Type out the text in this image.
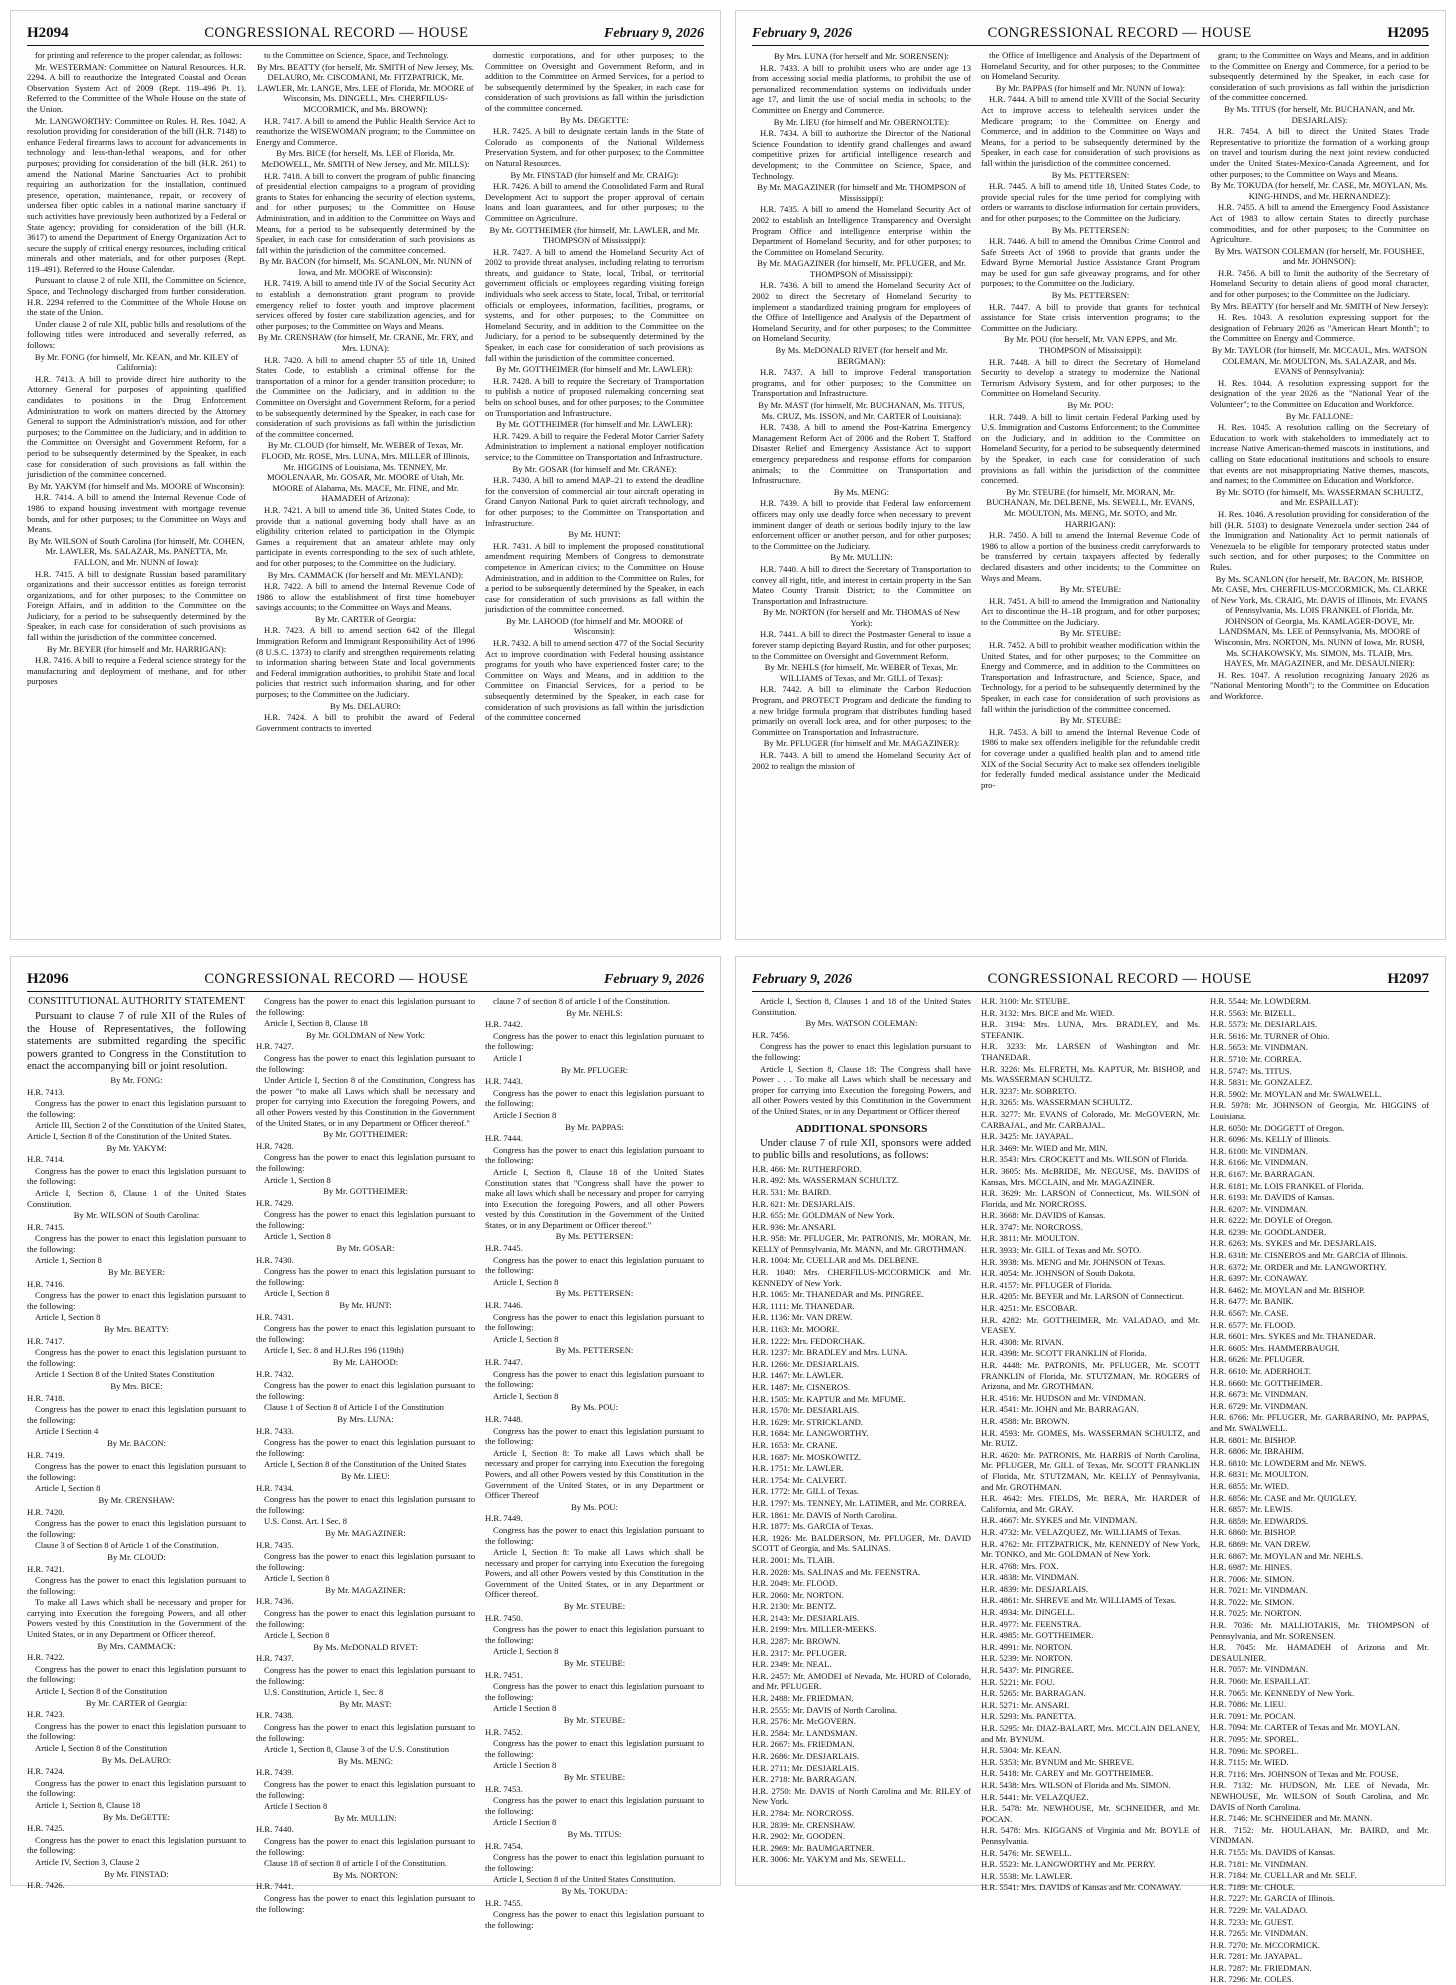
H2094	CONGRESSIONAL RECORD — HOUSE	February 9, 2026

for printing and reference to the proper calendar, as follows:

Mr. WESTERMAN: Committee on Natural Resources. H.R. 2294. A bill to reauthorize the Integrated Coastal and Ocean Observation System Act of 2009 (Rept. 119–496 Pt. 1). Referred to the Committee of the Whole House on the state of the Union.

Mr. LANGWORTHY: Committee on Rules. H. Res. 1042. A resolution providing for consideration of the bill (H.R. 7148) to enhance Federal firearms laws to account for advancements in technology and less-than-lethal weapons, and for other purposes; providing for consideration of the bill (H.R. 261) to amend the National Marine Sanctuaries Act to prohibit requiring an authorization for the installation, continued presence, operation, maintenance, repair, or recovery of undersea fiber optic cables in a national marine sanctuary if such activities have previously been authorized by a Federal or State agency; providing for consideration of the bill (H.R. 3617) to amend the Department of Energy Organization Act to secure the supply of critical energy resources, including critical minerals and other materials, and for other purposes (Rept. 119–491). Referred to the House Calendar.

Pursuant to clause 2 of rule XIII, the Committee on Science, Space, and Technology discharged from further consideration. H.R. 2294 referred to the Committee of the Whole House on the state of the Union.

Under clause 2 of rule XII, public bills and resolutions of the following titles were introduced and severally referred, as follows:

By Mr. FONG (for himself, Mr. KEAN, and Mr. KILEY of California):

H.R. 7413. A bill to provide direct hire authority to the Attorney General for purposes of appointing qualified candidates to positions in the Drug Enforcement Administration to work on matters directed by the Attorney General to support the Administration's mission, and for other purposes; to the Committee on the Judiciary, and in addition to the Committee on Oversight and Government Reform, for a period to be subsequently determined by the Speaker, in each case for consideration of such provisions as fall within the jurisdiction of the committee concerned.

By Mr. YAKYM (for himself and Ms. MOORE of Wisconsin):

H.R. 7414. A bill to amend the Internal Revenue Code of 1986 to expand housing investment with mortgage revenue bonds, and for other purposes; to the Committee on Ways and Means.

By Mr. WILSON of South Carolina (for himself, Mr. COHEN, Mr. LAWLER, Ms. SALAZAR, Ms. PANETTA, Mr. FALLON, and Mr. NUNN of Iowa):

H.R. 7415. A bill to designate Russian based paramilitary organizations and their successor entities as foreign terrorist organizations, and for other purposes; to the Committee on Foreign Affairs, and in addition to the Committee on the Judiciary, for a period to be subsequently determined by the Speaker, in each case for consideration of such provisions as fall within the jurisdiction of the committee concerned.

By Mr. BEYER (for himself and Mr. HARRIGAN):

H.R. 7416. A bill to require a Federal science strategy for the manufacturing and deployment of methane, and for other purposes

to the Committee on Science, Space, and Technology.

By Mrs. BEATTY (for herself, Mr. SMITH of New Jersey, Ms. DELAURO, Mr. CISCOMANI, Mr. FITZPATRICK, Mr. LAWLER, Mr. LANGE, Mrs. LEE of Florida, Mr. MOORE of Wisconsin, Ms. DINGELL, Mrs. CHERFILUS-MCCORMICK, and Ms. BROWN):

H.R. 7417. A bill to amend the Public Health Service Act to reauthorize the WISEWOMAN program; to the Committee on Energy and Commerce.

By Mrs. BICE (for herself, Ms. LEE of Florida, Mr. McDOWELL, Mr. SMITH of New Jersey, and Mr. MILLS):

H.R. 7418. A bill to convert the program of public financing of presidential election campaigns to a program of providing grants to States for enhancing the security of election systems, and for other purposes; to the Committee on House Administration, and in addition to the Committee on Ways and Means, for a period to be subsequently determined by the Speaker, in each case for consideration of such provisions as fall within the jurisdiction of the committee concerned.

By Mr. BACON (for himself, Ms. SCANLON, Mr. NUNN of Iowa, and Mr. MOORE of Wisconsin):

H.R. 7419. A bill to amend title IV of the Social Security Act to establish a demonstration grant program to provide emergency relief to foster youth and improve placement services offered by foster care stabilization agencies, and for other purposes; to the Committee on Ways and Means.

By Mr. CRENSHAW (for himself, Mr. CRANE, Mr. FRY, and Mrs. LUNA):

H.R. 7420. A bill to amend chapter 55 of title 18, United States Code, to establish a criminal offense for the transportation of a minor for a gender transition procedure; to the Committee on the Judiciary, and in addition to the Committee on Oversight and Government Reform, for a period to be subsequently determined by the Speaker, in each case for consideration of such provisions as fall within the jurisdiction of the committee concerned.

By Mr. CLOUD (for himself, Mr. WEBER of Texas, Mr. FLOOD, Mr. ROSE, Mrs. LUNA, Mrs. MILLER of Illinois, Mr. HIGGINS of Louisiana, Ms. TENNEY, Mr. MOOLENAAR, Mr. GOSAR, Mr. MOORE of Utah, Mr. MOORE of Alabama, Ms. MACE, Mr. FINE, and Mr. HAMADEH of Arizona):

H.R. 7421. A bill to amend title 36, United States Code, to provide that a national governing body shall have as an eligibility criterion related to participation in the Olympic Games a requirement that an amateur athlete may only participate in events corresponding to the sex of such athlete, and for other purposes; to the Committee on the Judiciary.

By Mrs. CAMMACK (for herself and Mr. MEYLAND):

H.R. 7422. A bill to amend the Internal Revenue Code of 1986 to allow the establishment of first time homebuyer savings accounts; to the Committee on Ways and Means.

By Mr. CARTER of Georgia:

H.R. 7423. A bill to amend section 642 of the Illegal Immigration Reform and Immigrant Responsibility Act of 1996 (8 U.S.C. 1373) to clarify and strengthen requirements relating to information sharing between State and local governments and Federal immigration authorities, to prohibit State and local policies that restrict such information sharing, and for other purposes; to the Committee on the Judiciary.

By Ms. DELAURO:

H.R. 7424. A bill to prohibit the award of Federal Government contracts to inverted

domestic corporations, and for other purposes; to the Committee on Oversight and Government Reform, and in addition to the Committee on Armed Services, for a period to be subsequently determined by the Speaker, in each case for consideration of such provisions as fall within the jurisdiction of the committee concerned.

By Ms. DEGETTE:

H.R. 7425. A bill to designate certain lands in the State of Colorado as components of the National Wilderness Preservation System, and for other purposes; to the Committee on Natural Resources.

By Mr. FINSTAD (for himself and Mr. CRAIG):

H.R. 7426. A bill to amend the Consolidated Farm and Rural Development Act to support the proper approval of certain loans and loan guarantees, and for other purposes; to the Committee on Agriculture.

By Mr. GOTTHEIMER (for himself, Mr. LAWLER, and Mr. THOMPSON of Mississippi):

H.R. 7427. A bill to amend the Homeland Security Act of 2002 to provide threat analyses, including relating to terrorism threats, and guidance to State, local, Tribal, or territorial government officials or employees regarding visiting foreign individuals who seek access to State, local, Tribal, or territorial officials or employees, information, facilities, programs, or systems, and for other purposes; to the Committee on Homeland Security, and in addition to the Committee on the Judiciary, for a period to be subsequently determined by the Speaker, in each case for consideration of such provisions as fall within the jurisdiction of the committee concerned.

By Mr. GOTTHEIMER (for himself and Mr. LAWLER):

H.R. 7428. A bill to require the Secretary of Transportation to publish a notice of proposed rulemaking concerning seat belts on school buses, and for other purposes; to the Committee on Transportation and Infrastructure.

By Mr. GOTTHEIMER (for himself and Mr. LAWLER):

H.R. 7429. A bill to require the Federal Motor Carrier Safety Administration to implement a national employer notification service; to the Committee on Transportation and Infrastructure.

By Mr. GOSAR (for himself and Mr. CRANE):

H.R. 7430. A bill to amend MAP–21 to extend the deadline for the conversion of commercial air tour aircraft operating in Grand Canyon National Park to quiet aircraft technology, and for other purposes; to the Committee on Transportation and Infrastructure.

By Mr. HUNT:

H.R. 7431. A bill to implement the proposed constitutional amendment requiring Members of Congress to demonstrate competence in American civics; to the Committee on House Administration, and in addition to the Committee on Rules, for a period to be subsequently determined by the Speaker, in each case for consideration of such provisions as fall within the jurisdiction of the committee concerned.

By Mr. LAHOOD (for himself and Mr. MOORE of Wisconsin):

H.R. 7432. A bill to amend section 477 of the Social Security Act to improve coordination with Federal housing assistance programs for youth who have experienced foster care; to the Committee on Ways and Means, and in addition to the Committee on Financial Services, for a period to be subsequently determined by the Speaker, in each case for consideration of such provisions as fall within the jurisdiction of the committee concerned

February 9, 2026	CONGRESSIONAL RECORD — HOUSE	H2095

By Mrs. LUNA (for herself and Mr. SORENSEN):

H.R. 7433. A bill to prohibit users who are under age 13 from accessing social media platforms, to prohibit the use of personalized recommendation systems on individuals under age 17, and limit the use of social media in schools; to the Committee on Energy and Commerce.

By Mr. LIEU (for himself and Mr. OBERNOLTE):

H.R. 7434. A bill to authorize the Director of the National Science Foundation to identify grand challenges and award competitive prizes for artificial intelligence research and development; to the Committee on Science, Space, and Technology.

By Mr. MAGAZINER (for himself and Mr. THOMPSON of Mississippi):

H.R. 7435. A bill to amend the Homeland Security Act of 2002 to establish an Intelligence Transparency and Oversight Program Office and intelligence enterprise within the Department of Homeland Security, and for other purposes; to the Committee on Homeland Security.

By Mr. MAGAZINER (for himself, Mr. PFLUGER, and Mr. THOMPSON of Mississippi):

H.R. 7436. A bill to amend the Homeland Security Act of 2002 to direct the Secretary of Homeland Security to implement a standardized training program for employees of the Office of Intelligence and Analysis of the Department of Homeland Security, and for other purposes; to the Committee on Homeland Security.

By Ms. McDONALD RIVET (for herself and Mr. BERGMAN):

H.R. 7437. A bill to improve Federal transportation programs, and for other purposes; to the Committee on Transportation and Infrastructure.

By Mr. MAST (for himself, Mr. BUCHANAN, Ms. TITUS, Ms. CRUZ, Ms. ISSON, and Mr. CARTER of Louisiana):

H.R. 7438. A bill to amend the Post-Katrina Emergency Management Reform Act of 2006 and the Robert T. Stafford Disaster Relief and Emergency Assistance Act to support emergency preparedness and response efforts for companion animals; to the Committee on Transportation and Infrastructure.

By Ms. MENG:

H.R. 7439. A bill to provide that Federal law enforcement officers may only use deadly force when necessary to prevent imminent danger of death or serious bodily injury to the law enforcement officer or another person, and for other purposes; to the Committee on the Judiciary.

By Mr. MULLIN:

H.R. 7440. A bill to direct the Secretary of Transportation to convey all right, title, and interest in certain property in the San Mateo County Transit District; to the Committee on Transportation and Infrastructure.

By Mr. NORTON (for herself and Mr. THOMAS of New York):

H.R. 7441. A bill to direct the Postmaster General to issue a forever stamp depicting Bayard Rustin, and for other purposes; to the Committee on Oversight and Government Reform.

By Mr. NEHLS (for himself, Mr. WEBER of Texas, Mr. WILLIAMS of Texas, and Mr. GILL of Texas):

H.R. 7442. A bill to eliminate the Carbon Reduction Program, and PROTECT Program and dedicate the funding to a new bridge formula program that distributes funding based primarily on overall lock area, and for other purposes; to the Committee on Transportation and Infrastructure.

By Mr. PFLUGER (for himself and Mr. MAGAZINER):

H.R. 7443. A bill to amend the Homeland Security Act of 2002 to realign the mission of

the Office of Intelligence and Analysis of the Department of Homeland Security, and for other purposes; to the Committee on Homeland Security.

By Mr. PAPPAS (for himself and Mr. NUNN of Iowa):

H.R. 7444. A bill to amend title XVIII of the Social Security Act to improve access to telehealth services under the Medicare program; to the Committee on Energy and Commerce, and in addition to the Committee on Ways and Means, for a period to be subsequently determined by the Speaker, in each case for consideration of such provisions as fall within the jurisdiction of the committee concerned.

By Ms. PETTERSEN:

H.R. 7445. A bill to amend title 18, United States Code, to provide special rules for the time period for complying with orders or warrants to disclose information for certain providers, and for other purposes; to the Committee on the Judiciary.

By Ms. PETTERSEN:

H.R. 7446. A bill to amend the Omnibus Crime Control and Safe Streets Act of 1968 to provide that grants under the Edward Byrne Memorial Justice Assistance Grant Program may be used for gun safe giveaway programs, and for other purposes; to the Committee on the Judiciary.

By Ms. PETTERSEN:

H.R. 7447. A bill to provide that grants for technical assistance for State crisis intervention programs; to the Committee on the Judiciary.

By Mr. POU (for herself, Mr. VAN EPPS, and Mr. THOMPSON of Mississippi):

H.R. 7448. A bill to direct the Secretary of Homeland Security to develop a strategy to modernize the National Terrorism Advisory System, and for other purposes; to the Committee on Homeland Security.

By Mr. POU:

H.R. 7449. A bill to limit certain Federal Parking used by U.S. Immigration and Customs Enforcement; to the Committee on the Judiciary, and in addition to the Committee on Homeland Security, for a period to be subsequently determined by the Speaker, in each case for consideration of such provisions as fall within the jurisdiction of the committee concerned.

By Mr. STEUBE (for himself, Mr. MORAN, Mr. BUCHANAN, Mr. DELBENE, Ms. SEWELL, Mr. EVANS, Mr. MOULTON, Ms. MENG, Mr. SOTO, and Mr. HARRIGAN):

H.R. 7450. A bill to amend the Internal Revenue Code of 1986 to allow a portion of the business credit carryforwards to be transferred by certain taxpayers affected by federally declared disasters and other incidents; to the Committee on Ways and Means.

By Mr. STEUBE:

H.R. 7451. A bill to amend the Immigration and Nationality Act to discontinue the H–1B program, and for other purposes; to the Committee on the Judiciary.

By Mr. STEUBE:

H.R. 7452. A bill to prohibit weather modification within the United States, and for other purposes; to the Committee on Energy and Commerce, and in addition to the Committees on Transportation and Infrastructure, and Science, Space, and Technology, for a period to be subsequently determined by the Speaker, in each case for consideration of such provisions as fall within the jurisdiction of the committee concerned.

By Mr. STEUBE:

H.R. 7453. A bill to amend the Internal Revenue Code of 1986 to make sex offenders ineligible for the refundable credit for coverage under a qualified health plan and to amend title XIX of the Social Security Act to make sex offenders ineligible for federally funded medical assistance under the Medicaid pro-

gram; to the Committee on Ways and Means, and in addition to the Committee on Energy and Commerce, for a period to be subsequently determined by the Speaker, in each case for consideration of such provisions as fall within the jurisdiction of the committee concerned.

By Ms. TITUS (for herself, Mr. BUCHANAN, and Mr. DESJARLAIS):

H.R. 7454. A bill to direct the United States Trade Representative to prioritize the formation of a working group on travel and tourism during the next joint review conducted under the United States-Mexico-Canada Agreement, and for other purposes; to the Committee on Ways and Means.

By Mr. TOKUDA (for herself, Mr. CASE, Mr. MOYLAN, Ms. KING-HINDS, and Mr. HERNANDEZ):

H.R. 7455. A bill to amend the Emergency Food Assistance Act of 1983 to allow certain States to directly purchase commodities, and for other purposes; to the Committee on Agriculture.

By Mrs. WATSON COLEMAN (for herself, Mr. FOUSHEE, and Mr. JOHNSON):

H.R. 7456. A bill to limit the authority of the Secretary of Homeland Security to detain aliens of good moral character, and for other purposes; to the Committee on the Judiciary.

By Mrs. BEATTY (for herself and Mr. SMITH of New Jersey):

H. Res. 1043. A resolution expressing support for the designation of February 2026 as "American Heart Month"; to the Committee on Energy and Commerce.

By Mr. TAYLOR (for himself, Mr. MCCAUL, Mrs. WATSON COLEMAN, Mr. MOULTON, Ms. SALAZAR, and Ms. EVANS of Pennsylvania):

H. Res. 1044. A resolution expressing support for the designation of the year 2026 as the "National Year of the Volunteer"; to the Committee on Education and Workforce.

By Mr. FALLONE:

H. Res. 1045. A resolution calling on the Secretary of Education to work with stakeholders to immediately act to increase Native American-themed mascots in institutions, and calling on State educational institutions and schools to ensure that events are not misappropriating Native themes, mascots, and names; to the Committee on Education and Workforce.

By Mr. SOTO (for himself, Ms. WASSERMAN SCHULTZ, and Mr. ESPAILLAT):

H. Res. 1046. A resolution providing for consideration of the bill (H.R. 5103) to designate Venezuela under section 244 of the Immigration and Nationality Act to permit nationals of Venezuela to be eligible for temporary protected status under such section, and for other purposes; to the Committee on Rules.

By Ms. SCANLON (for herself, Mr. BACON, Mr. BISHOP, Mr. CASE, Mrs. CHERFILUS-MCCORMICK, Ms. CLARKE of New York, Ms. CRAIG, Mr. DAVIS of Illinois, Mr. EVANS of Pennsylvania, Ms. LOIS FRANKEL of Florida, Mr. JOHNSON of Georgia, Ms. KAMLAGER-DOVE, Mr. LANDSMAN, Ms. LEE of Pennsylvania, Ms. MOORE of Wisconsin, Mrs. NORTON, Ms. NUNN of Iowa, Mr. RUSH, Ms. SCHAKOWSKY, Ms. SIMON, Ms. TLAIB, Mrs. HAYES, Mr. MAGAZINER, and Mr. DESAULNIER):

H. Res. 1047. A resolution recognizing January 2026 as "National Mentoring Month"; to the Committee on Education and Workforce.

H2096	CONGRESSIONAL RECORD — HOUSE	February 9, 2026

CONSTITUTIONAL AUTHORITY STATEMENT

Pursuant to clause 7 of rule XII of the Rules of the House of Representatives, the following statements are submitted regarding the specific powers granted to Congress in the Constitution to enact the accompanying bill or joint resolution.

By Mr. FONG:

H.R. 7413.

Congress has the power to enact this legislation pursuant to the following:

Article III, Section 2 of the Constitution of the United States, Article I, Section 8 of the Constitution of the United States.

By Mr. YAKYM:

H.R. 7414.

Congress has the power to enact this legislation pursuant to the following:

Article I, Section 8, Clause 1 of the United States Constitution.

By Mr. WILSON of South Carolina:

H.R. 7415.

Congress has the power to enact this legislation pursuant to the following:

Article 1, Section 8

By Mr. BEYER:

H.R. 7416.

Congress has the power to enact this legislation pursuant to the following:

Article I, Section 8

By Mrs. BEATTY:

H.R. 7417.

Congress has the power to enact this legislation pursuant to the following:

Article 1 Section 8 of the United States Constitution

By Mrs. BICE:

H.R. 7418.

Congress has the power to enact this legislation pursuant to the following:

Article I Section 4

By Mr. BACON:

H.R. 7419.

Congress has the power to enact this legislation pursuant to the following:

Article I, Section 8

By Mr. CRENSHAW:

H.R. 7420.

Congress has the power to enact this legislation pursuant to the following:

Clause 3 of Section 8 of Article 1 of the Constitution.

By Mr. CLOUD:

H.R. 7421.

Congress has the power to enact this legislation pursuant to the following:

To make all Laws which shall be necessary and proper for carrying into Execution the foregoing Powers, and all other Powers vested by this Constitution in the Government of the United States, or in any Department or Officer thereof.

By Mrs. CAMMACK:

H.R. 7422.

Congress has the power to enact this legislation pursuant to the following:

Article I, Section 8 of the Constitution

By Mr. CARTER of Georgia:

H.R. 7423.

Congress has the power to enact this legislation pursuant to the following:

Article I, Section 8 of the Constitution

By Ms. DeLAURO:

H.R. 7424.

Congress has the power to enact this legislation pursuant to the following:

Article 1, Section 8, Clause 18

By Ms. DeGETTE:

H.R. 7425.

Congress has the power to enact this legislation pursuant to the following:

Article IV, Section 3, Clause 2

By Mr. FINSTAD:

H.R. 7426.

Congress has the power to enact this legislation pursuant to the following:

Article I, Section 8, Clause 18

By Mr. GOLDMAN of New York:

H.R. 7427.

Congress has the power to enact this legislation pursuant to the following:

Under Article I, Section 8 of the Constitution, Congress has the power "to make all Laws which shall be necessary and proper for carrying into Execution the foregoing Powers, and all other Powers vested by this Constitution in the Government of the United States, or in any Department or Officer thereof."

By Mr. GOTTHEIMER:

H.R. 7428.

Congress has the power to enact this legislation pursuant to the following:

Article 1, Section 8

By Mr. GOTTHEIMER:

H.R. 7429.

Congress has the power to enact this legislation pursuant to the following:

Article 1, Section 8

By Mr. GOSAR:

H.R. 7430.

Congress has the power to enact this legislation pursuant to the following:

Article I, Section 8

By Mr. HUNT:

H.R. 7431.

Congress has the power to enact this legislation pursuant to the following:

Article I, Sec. 8 and H.J.Res 196 (119th)

By Mr. LAHOOD:

H.R. 7432.

Congress has the power to enact this legislation pursuant to the following:

Clause 1 of Section 8 of Article I of the Constitution

By Mrs. LUNA:

H.R. 7433.

Congress has the power to enact this legislation pursuant to the following:

Article I, Section 8 of the Constitution of the United States

By Mr. LIEU:

H.R. 7434.

Congress has the power to enact this legislation pursuant to the following:

U.S. Const. Art. I Sec. 8

By Mr. MAGAZINER:

H.R. 7435.

Congress has the power to enact this legislation pursuant to the following:

Article I, Section 8

By Mr. MAGAZINER:

H.R. 7436.

Congress has the power to enact this legislation pursuant to the following:

Article I, Section 8

By Ms. McDONALD RIVET:

H.R. 7437.

Congress has the power to enact this legislation pursuant to the following:

U.S. Constitution, Article 1, Sec. 8

By Mr. MAST:

H.R. 7438.

Congress has the power to enact this legislation pursuant to the following:

Article 1, Section 8, Clause 3 of the U.S. Constitution

By Ms. MENG:

H.R. 7439.

Congress has the power to enact this legislation pursuant to the following:

Article I Section 8

By Mr. MULLIN:

H.R. 7440.

Congress has the power to enact this legislation pursuant to the following:

Clause 18 of section 8 of article I of the Constitution.

By Ms. NORTON:

H.R. 7441.

Congress has the power to enact this legislation pursuant to the following:

clause 7 of section 8 of article I of the Constitution.

By Mr. NEHLS:

H.R. 7442.

Congress has the power to enact this legislation pursuant to the following:

Article I

By Mr. PFLUGER:

H.R. 7443.

Congress has the power to enact this legislation pursuant to the following:

Article I Section 8

By Mr. PAPPAS:

H.R. 7444.

Congress has the power to enact this legislation pursuant to the following:

Article I, Section 8, Clause 18 of the United States Constitution states that "Congress shall have the power to make all laws which shall be necessary and proper for carrying into Execution the foregoing Powers, and all other Powers vested by this Constitution in the Government of the United States, or in any Department or Officer thereof."

By Ms. PETTERSEN:

H.R. 7445.

Congress has the power to enact this legislation pursuant to the following:

Article I, Section 8

By Ms. PETTERSEN:

H.R. 7446.

Congress has the power to enact this legislation pursuant to the following:

Article I, Section 8

By Ms. PETTERSEN:

H.R. 7447.

Congress has the power to enact this legislation pursuant to the following:

Article I, Section 8

By Ms. POU:

H.R. 7448.

Congress has the power to enact this legislation pursuant to the following:

Article I, Section 8: To make all Laws which shall be necessary and proper for carrying into Execution the foregoing Powers, and all other Powers vested by this Constitution in the Government of the United States, or in any Department or Officer Thereof

By Ms. POU:

H.R. 7449.

Congress has the power to enact this legislation pursuant to the following:

Article I, Section 8: To make all Laws which shall be necessary and proper for carrying into Execution the foregoing Powers, and all other Powers vested by this Constitution in the Government of the United States, or in any Department or Officer thereof.

By Mr. STEUBE:

H.R. 7450.

Congress has the power to enact this legislation pursuant to the following:

Article I, Section 8

By Mr. STEUBE:

H.R. 7451.

Congress has the power to enact this legislation pursuant to the following:

Article I Section 8

By Mr. STEUBE:

H.R. 7452.

Congress has the power to enact this legislation pursuant to the following:

Article I Section 8

By Mr. STEUBE:

H.R. 7453.

Congress has the power to enact this legislation pursuant to the following:

Article I Section 8

By Ms. TITUS:

H.R. 7454.

Congress has the power to enact this legislation pursuant to the following:

Article I, Section 8 of the United States Constitution.

By Ms. TOKUDA:

H.R. 7455.

Congress has the power to enact this legislation pursuant to the following:

February 9, 2026	CONGRESSIONAL RECORD — HOUSE	H2097

Article I, Section 8, Clauses 1 and 18 of the United States Constitution.

By Mrs. WATSON COLEMAN:

H.R. 7456.

Congress has the power to enact this legislation pursuant to the following:

Article I, Section 8, Clause 18: The Congress shall have Power . . . To make all Laws which shall be necessary and proper for carrying into Execution the foregoing Powers, and all other Powers vested by this Constitution in the Government of the United States, or in any Department or Officer thereof

ADDITIONAL SPONSORS

Under clause 7 of rule XII, sponsors were added to public bills and resolutions, as follows:

H.R. 466: Mr. RUTHERFORD.

H.R. 492: Ms. WASSERMAN SCHULTZ.

H.R. 531: Mr. BAIRD.

H.R. 621: Mr. DESJARLAIS.

H.R. 655: Mr. GOLDMAN of New York.

H.R. 936: Mr. ANSARI.

H.R. 958: Mr. PFLUGER, Mr. PATRONIS, Mr. MORAN, Mr. KELLY of Pennsylvania, Mr. MANN, and Mr. GROTHMAN.

H.R. 1004: Mr. CUELLAR and Ms. DELBENE.

H.R. 1040: Mrs. CHERFILUS-MCCORMICK and Mr. KENNEDY of New York.

H.R. 1065: Mr. THANEDAR and Ms. PINGREE.

H.R. 1111: Mr. THANEDAR.

H.R. 1136: Mr. VAN DREW.

H.R. 1163: Mr. MOORE.

H.R. 1222: Mrs. FEDORCHAK.

H.R. 1237: Mr. BRADLEY and Mrs. LUNA.

H.R. 1266: Mr. DESJARLAIS.

H.R. 1467: Mr. LAWLER.

H.R. 1487: Mr. CISNEROS.

H.R. 1505: Mr. KAPTUR and Mr. MFUME.

H.R. 1570: Mr. DESJARLAIS.

H.R. 1629: Mr. STRICKLAND.

H.R. 1684: Mr. LANGWORTHY.

H.R. 1653: Mr. CRANE.

H.R. 1687: Mr. MOSKOWITZ.

H.R. 1751: Mr. LAWLER.

H.R. 1754: Mr. CALVERT.

H.R. 1772: Mr. GILL of Texas.

H.R. 1797: Ms. TENNEY, Mr. LATIMER, and Mr. CORREA.

H.R. 1861: Mr. DAVIS of North Carolina.

H.R. 1877: Ms. GARCIA of Texas.

H.R. 1926: Mr. BALDERSON, Mr. PFLUGER, Mr. DAVID SCOTT of Georgia, and Ms. SALINAS.

H.R. 2001: Ms. TLAIB.

H.R. 2028: Ms. SALINAS and Mr. FEENSTRA.

H.R. 2049: Mr. FLOOD.

H.R. 2060: Mr. NORTON.

H.R. 2130: Mr. BENTZ.

H.R. 2143: Mr. DESJARLAIS.

H.R. 2199: Mrs. MILLER-MEEKS.

H.R. 2287: Mr. BROWN.

H.R. 2317: Mr. PFLUGER.

H.R. 2349: Mr. NEAL.

H.R. 2457: Mr. AMODEI of Nevada, Mr. HURD of Colorado, and Mr. PFLUGER.

H.R. 2488: Mr. FRIEDMAN.

H.R. 2555: Mr. DAVIS of North Carolina.

H.R. 2576: Mr. McGOVERN.

H.R. 2584: Mr. LANDSMAN.

H.R. 2667: Ms. FRIEDMAN.

H.R. 2686: Mr. DESJARLAIS.

H.R. 2711: Mr. DESJARLAIS.

H.R. 2718: Mr. BARRAGAN.

H.R. 2750: Mr. DAVIS of North Carolina and Mr. RILEY of New York.

H.R. 2784: Mr. NORCROSS.

H.R. 2839: Mr. CRENSHAW.

H.R. 2902: Mr. GOODEN.

H.R. 2969: Mr. BAUMGARTNER.

H.R. 3006: Mr. YAKYM and Ms. SEWELL.

H.R. 3100: Mr. STEUBE.

H.R. 3132: Mrs. BICE and Mr. WIED.

H.R. 3194: Mrs. LUNA, Mrs. BRADLEY, and Ms. STEFANIK.

H.R. 3233: Mr. LARSEN of Washington and Mr. THANEDAR.

H.R. 3226: Ms. ELFRETH, Ms. KAPTUR, Mr. BISHOP, and Ms. WASSERMAN SCHULTZ.

H.R. 3237: Mr. SOBRETO.

H.R. 3265: Ms. WASSERMAN SCHULTZ.

H.R. 3277: Mr. EVANS of Colorado, Mr. McGOVERN, Mr. CARBAJAL, and Mr. CARBAJAL.

H.R. 3425: Mr. JAYAPAL.

H.R. 3469: Mr. WIED and Mr. MIN.

H.R. 3543: Mrs. CROCKETT and Ms. WILSON of Florida.

H.R. 3605: Ms. McBRIDE, Mr. NEGUSE, Ms. DAVIDS of Kansas, Mrs. MCCLAIN, and Mr. MAGAZINER.

H.R. 3629: Mr. LARSON of Connecticut, Ms. WILSON of Florida, and Mr. NORCROSS.

H.R. 3668: Mr. DAVIDS of Kansas.

H.R. 3747: Mr. NORCROSS.

H.R. 3811: Mr. MOULTON.

H.R. 3933: Mr. GILL of Texas and Mr. SOTO.

H.R. 3938: Ms. MENG and Mr. JOHNSON of Texas.

H.R. 4054: Mr. JOHNSON of South Dakota.

H.R. 4157: Mr. PFLUGER of Florida.

H.R. 4205: Mr. BEYER and Mr. LARSON of Connecticut.

H.R. 4251: Mr. ESCOBAR.

H.R. 4282: Mr. GOTTHEIMER, Mr. VALADAO, and Mr. VEASEY.

H.R. 4308: Mr. RIVAN.

H.R. 4398: Mr. SCOTT FRANKLIN of Florida.

H.R. 4448: Mr. PATRONIS, Mr. PFLUGER, Mr. SCOTT FRANKLIN of Florida, Mr. STUTZMAN, Mr. ROGERS of Arizona, and Mr. GROTHMAN.

H.R. 4516: Mr. HUDSON and Mr. VINDMAN.

H.R. 4541: Mr. JOHN and Mr. BARRAGAN.

H.R. 4588: Mr. BROWN.

H.R. 4593: Mr. GOMES, Ms. WASSERMAN SCHULTZ, and Mr. RUIZ.

H.R. 4620: Mr. PATRONIS, Mr. HARRIS of North Carolina, Mr. PFLUGER, Mr. GILL of Texas, Mr. SCOTT FRANKLIN of Florida, Mr. STUTZMAN, Mr. KELLY of Pennsylvania, and Mr. GROTHMAN.

H.R. 4642: Mrs. FIELDS, Mr. BERA, Mr. HARDER of California, and Mr. GRAY.

H.R. 4667: Mr. SYKES and Mr. VINDMAN.

H.R. 4732: Mr. VELAZQUEZ, Mr. WILLIAMS of Texas.

H.R. 4762: Mr. FITZPATRICK, Mr. KENNEDY of New York, Mr. TONKO, and Mr. GOLDMAN of New York.

H.R. 4768: Mrs. FOX.

H.R. 4838: Mr. VINDMAN.

H.R. 4839: Mr. DESJARLAIS.

H.R. 4861: Mr. SHREVE and Mr. WILLIAMS of Texas.

H.R. 4934: Mr. DINGELL.

H.R. 4977: Mr. FEENSTRA.

H.R. 4985: Mr. GOTTHEIMER.

H.R. 4991: Mr. NORTON.

H.R. 5239: Mr. NORTON.

H.R. 5437: Mr. PINGREE.

H.R. 5221: Mr. FOU.

H.R. 5265: Mr. BARRAGAN.

H.R. 5271: Mr. ANSARI.

H.R. 5293: Ms. PANETTA.

H.R. 5295: Mr. DIAZ-BALART, Mrs. MCCLAIN DELANEY, and Mr. BYNUM.

H.R. 5304: Mr. KEAN.

H.R. 5353: Mr. BYNUM and Mr. SHREVE.

H.R. 5418: Mr. CAREY and Mr. GOTTHEIMER.

H.R. 5438: Mrs. WILSON of Florida and Ms. SIMON.

H.R. 5441: Mr. VELAZQUEZ.

H.R. 5478: Mr. NEWHOUSE, Mr. SCHNEIDER, and Mr. POCAN.

H.R. 5478: Mrs. KIGGANS of Virginia and Mr. BOYLE of Pennsylvania.

H.R. 5476: Mr. SEWELL.

H.R. 5523: Mr. LANGWORTHY and Mr. PERRY.

H.R. 5538: Mr. LAWLER.

H.R. 5541: Mrs. DAVIDS of Kansas and Mr. CONAWAY.

H.R. 5544: Mr. LOWDERM.

H.R. 5563: Mr. BIZELL.

H.R. 5573: Mr. DESJARLAIS.

H.R. 5616: Mr. TURNER of Ohio.

H.R. 5653: Mr. VINDMAN.

H.R. 5710: Mr. CORREA.

H.R. 5747: Ms. TITUS.

H.R. 5831: Mr. GONZALEZ.

H.R. 5902: Mr. MOYLAN and Mr. SWALWELL.

H.R. 5978: Mr. JOHNSON of Georgia, Mr. HIGGINS of Louisiana.

H.R. 6050: Mr. DOGGETT of Oregon.

H.R. 6096: Ms. KELLY of Illinois.

H.R. 6100: Mr. VINDMAN.

H.R. 6166: Mr. VINDMAN.

H.R. 6167: Mr. BARRAGAN.

H.R. 6181: Mr. LOIS FRANKEL of Florida.

H.R. 6193: Mr. DAVIDS of Kansas.

H.R. 6207: Mr. VINDMAN.

H.R. 6222: Mr. DOYLE of Oregon.

H.R. 6239: Mr. GOODLANDER.

H.R. 6263: Ms. SYKES and Mr. DESJARLAIS.

H.R. 6318: Mr. CISNEROS and Mr. GARCIA of Illinois.

H.R. 6372: Mr. ORDER and Mr. LANGWORTHY.

H.R. 6397: Mr. CONAWAY.

H.R. 6462: Mr. MOYLAN and Mr. BISHOP.

H.R. 6477: Mr. BANIK.

H.R. 6567: Mr. CASE.

H.R. 6577: Mr. FLOOD.

H.R. 6601: Mrs. SYKES and Mr. THANEDAR.

H.R. 6605: Mrs. HAMMERBAUGH.

H.R. 6626: Mr. PFLUGER.

H.R. 6610: Mr. ADERHOLT.

H.R. 6660: Mr. GOTTHEIMER.

H.R. 6673: Mr. VINDMAN.

H.R. 6729: Mr. VINDMAN.

H.R. 6766: Mr. PFLUGER, Mr. GARBARINO, Mr. PAPPAS, and Mr. SWALWELL.

H.R. 6801: Mr. BISHOP.

H.R. 6806: Mr. IBRAHIM.

H.R. 6810: Mr. LOWDERM and Mr. NEWS.

H.R. 6831: Mr. MOULTON.

H.R. 6855: Mr. WIED.

H.R. 6856: Mr. CASE and Mr. QUIGLEY.

H.R. 6857: Mr. LEWIS.

H.R. 6859: Mr. EDWARDS.

H.R. 6860: Mr. BISHOP.

H.R. 6869: Mr. VAN DREW.

H.R. 6867: Mr. MOYLAN and Mr. NEHLS.

H.R. 6987: Mr. HINES.

H.R. 7006: Mr. SIMON.

H.R. 7021: Mr. VINDMAN.

H.R. 7022: Mr. SIMON.

H.R. 7025: Mr. NORTON.

H.R. 7036: Mr. MALLIOTAKIS, Mr. THOMPSON of Pennsylvania, and Mr. SORENSEN.

H.R. 7045: Mr. HAMADEH of Arizona and Mr. DESAULNIER.

H.R. 7057: Mr. VINDMAN.

H.R. 7060: Mr. ESPAILLAT.

H.R. 7065: Mr. KENNEDY of New York.

H.R. 7086: Mr. LIEU.

H.R. 7091: Mr. POCAN.

H.R. 7094: Mr. CARTER of Texas and Mr. MOYLAN.

H.R. 7095: Mr. SPOREL.

H.R. 7096: Mr. SPOREL.

H.R. 7115: Mr. WIED.

H.R. 7116: Mrs. JOHNSON of Texas and Mr. FOUSE.

H.R. 7132: Mr. HUDSON, Mr. LEE of Nevada, Mr. NEWHOUSE, Mr. WILSON of South Carolina, and Mr. DAVIS of North Carolina.

H.R. 7146: Mr. SCHNEIDER and Mr. MANN.

H.R. 7152: Mr. HOULAHAN, Mr. BAIRD, and Mr. VINDMAN.

H.R. 7155: Ms. DAVIDS of Kansas.

H.R. 7181: Mr. VINDMAN.

H.R. 7184: Mr. CUELLAR and Mr. SELF.

H.R. 7189: Mr. CHOLE.

H.R. 7227: Mr. GARCIA of Illinois.

H.R. 7229: Mr. VALADAO.

H.R. 7233: Mr. GUEST.

H.R. 7265: Mr. VINDMAN.

H.R. 7270: Mr. MCCORMICK.

H.R. 7281: Mr. JAYAPAL.

H.R. 7287: Mr. FRIEDMAN.

H.R. 7296: Mr. COLES.
